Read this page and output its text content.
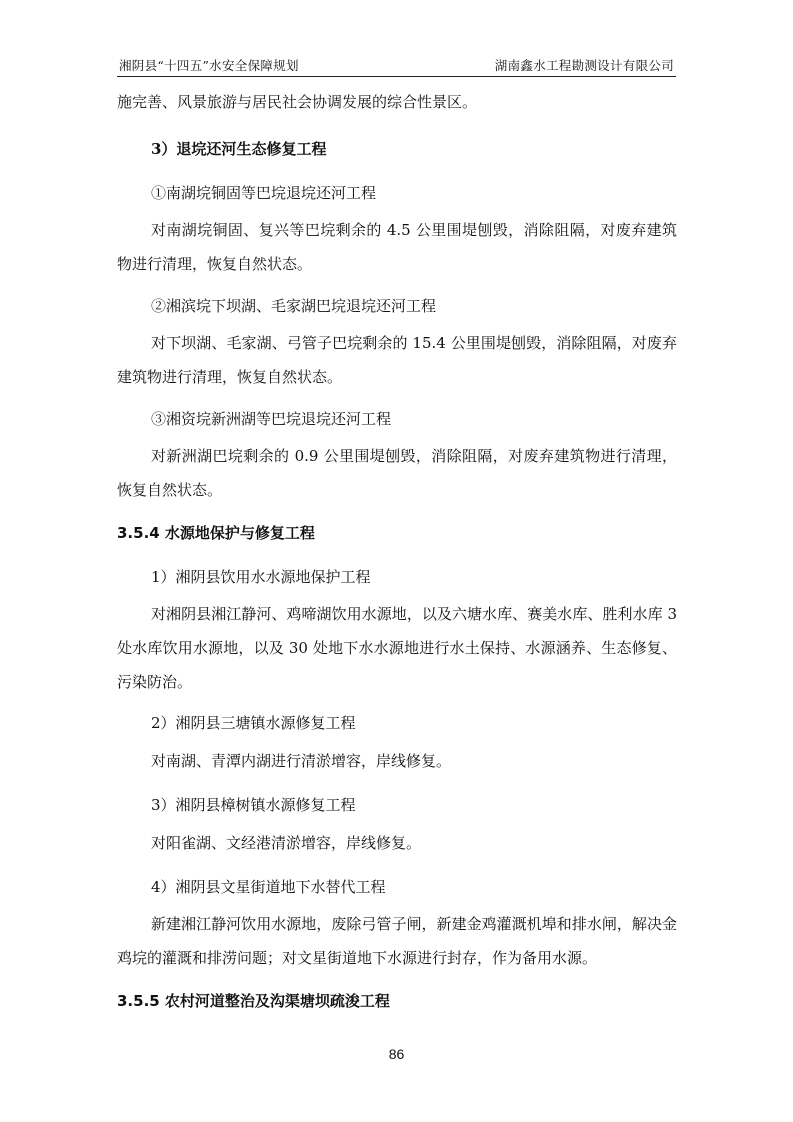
湘阴县“十四五”水安全保障规划	湖南鑫水工程勘测设计有限公司
施完善、风景旅游与居民社会协调发展的综合性景区。
3）退垸还河生态修复工程
①南湖垸铜固等巴垸退垸还河工程
对南湖垸铜固、复兴等巴垸剩余的 4.5 公里围堤刨毁，消除阻隔，对废弃建筑物进行清理，恢复自然状态。
②湘滨垸下坝湖、毛家湖巴垸退垸还河工程
对下坝湖、毛家湖、弓管子巴垸剩余的 15.4 公里围堤刨毁，消除阻隔，对废弃建筑物进行清理，恢复自然状态。
③湘资垸新洲湖等巴垸退垸还河工程
对新洲湖巴垸剩余的 0.9 公里围堤刨毁，消除阻隔，对废弃建筑物进行清理，恢复自然状态。
3.5.4 水源地保护与修复工程
1）湘阴县饮用水水源地保护工程
对湘阴县湘江静河、鸡啼湖饮用水源地，以及六塘水库、赛美水库、胜利水库 3 处水库饮用水源地，以及 30 处地下水水源地进行水土保持、水源涵养、生态修复、污染防治。
2）湘阴县三塘镇水源修复工程
对南湖、青潭内湖进行清淤增容，岸线修复。
3）湘阴县樟树镇水源修复工程
对阳雀湖、文经港清淤增容，岸线修复。
4）湘阴县文星街道地下水替代工程
新建湘江静河饮用水源地，废除弓管子闸，新建金鸡灌溉机埠和排水闸，解决金鸡垸的灌溉和排涝问题；对文星街道地下水源进行封存，作为备用水源。
3.5.5 农村河道整治及沟渠塘坝疏浚工程
86
